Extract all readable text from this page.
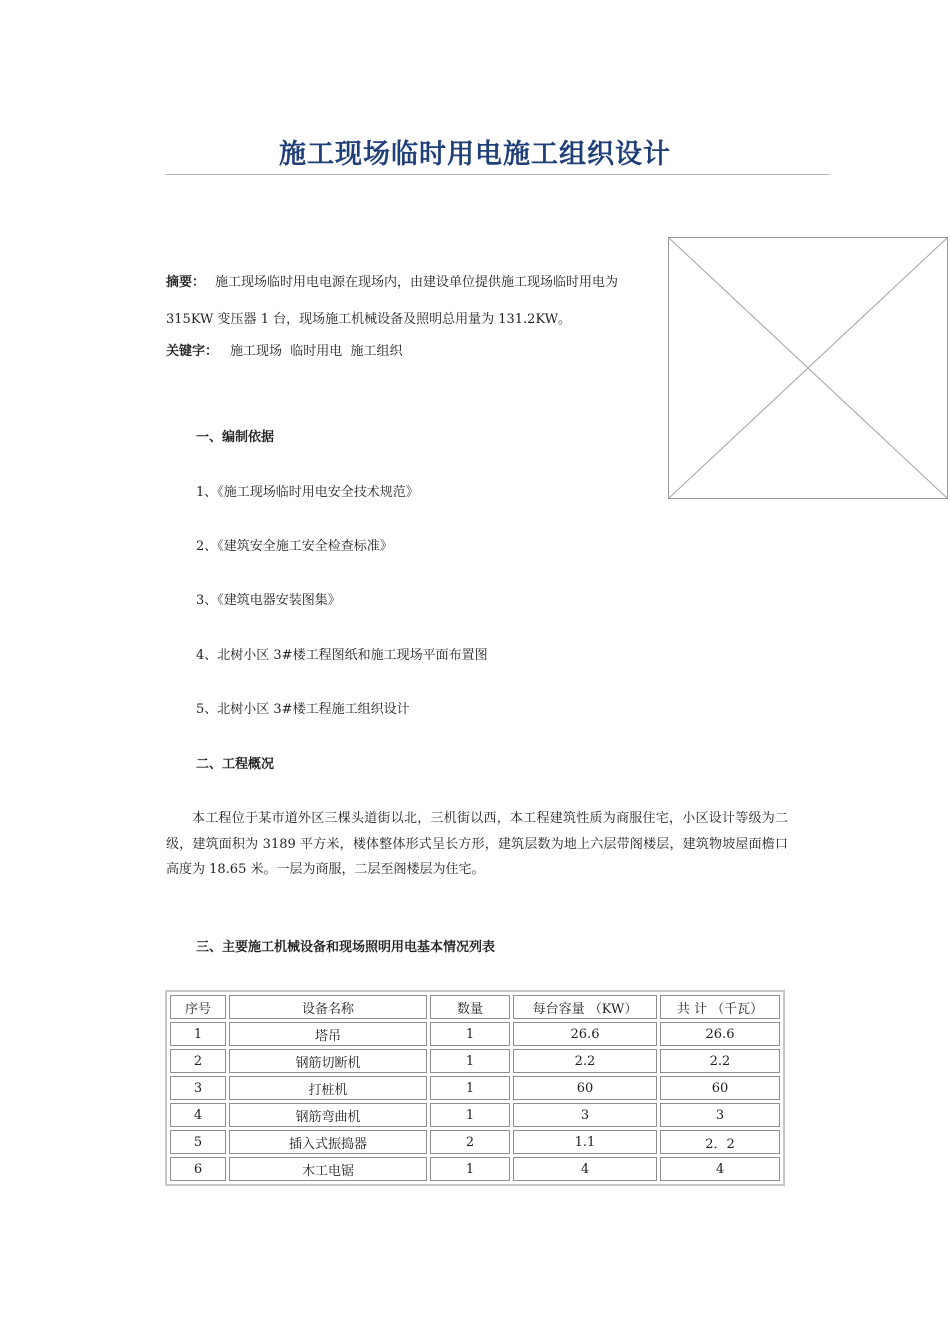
施工现场临时用电施工组织设计
摘要： 施工现场临时用电电源在现场内，由建设单位提供施工现场临时用电为
315KW 变压器 1 台，现场施工机械设备及照明总用量为 131.2KW。
关键字： 施工现场  临时用电  施工组织
一、编制依据
1、《施工现场临时用电安全技术规范》
2、《建筑安全施工安全检查标准》
3、《建筑电器安装图集》
4、北树小区 3#楼工程图纸和施工现场平面布置图
5、北树小区 3#楼工程施工组织设计
二、工程概况
本工程位于某市道外区三棵头道街以北，三机街以西，本工程建筑性质为商服住宅，小区设计等级为二级，建筑面积为 3189 平方米，楼体整体形式呈长方形，建筑层数为地上六层带阁楼层，建筑物坡屋面檐口高度为 18.65 米。一层为商服，二层至阁楼层为住宅。
三、主要施工机械设备和现场照明用电基本情况列表
序号	设备名称	数量	每台容量 （KW）	共 计 （千瓦）
1	塔吊	1	26.6	26.6
2	钢筋切断机	1	2.2	2.2
3	打桩机	1	60	60
4	钢筋弯曲机	1	3	3
5	插入式振捣器	2	1.1	2．2
6	木工电锯	1	4	4
